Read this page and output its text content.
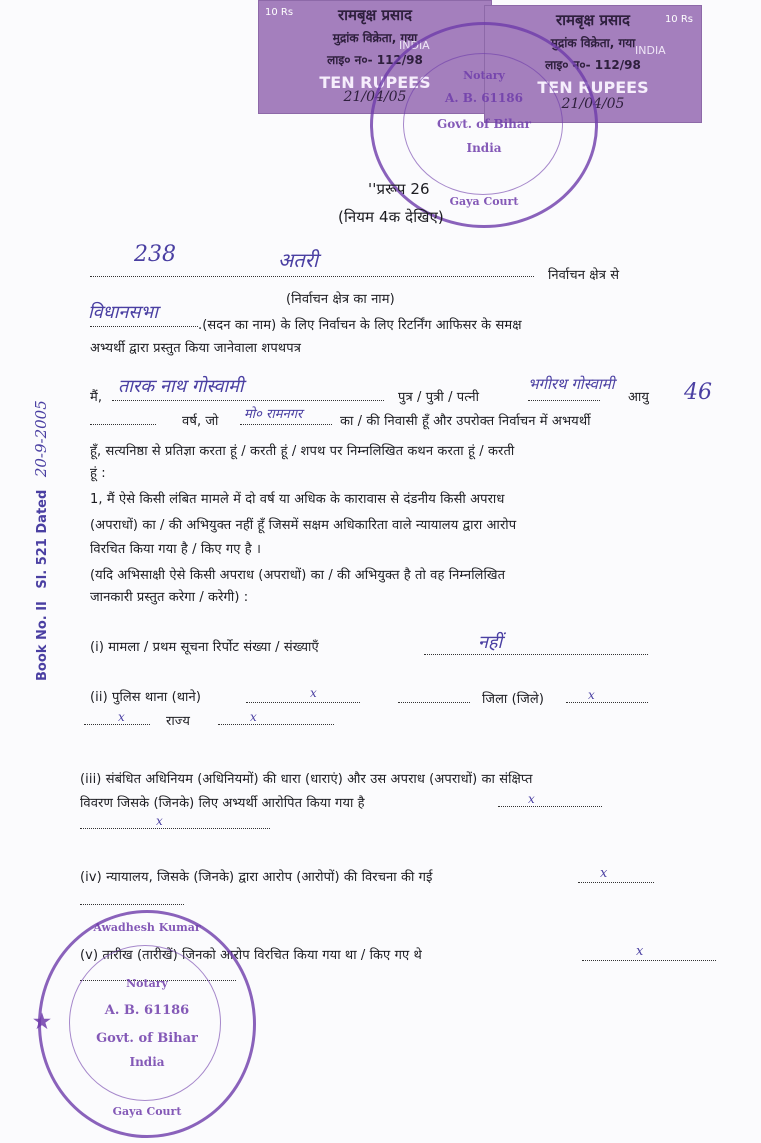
10 Rs	रामबृक्ष प्रसाद
मुद्रांक विक्रेता, गया
INDIA
लाइ० न०- 112/98
TEN RUPEES
21/04/05
10 Rs
रामबृक्ष प्रसाद
मुद्रांक विक्रेता, गया
INDIA
लाइ० न०- 112/98
TEN RUPEES
21/04/05
Notary
A. B. 61186
Govt. of Bihar
India
Gaya Court
Book No. II Sl. 521 Dated 20-9-2005
''प्ररूप 26
(नियम 4क देखिए)
238	अतरी
निर्वाचन क्षेत्र से
(निर्वाचन क्षेत्र का नाम)
विधानसभा
.(सदन का नाम) के लिए निर्वाचन के लिए रिटर्निंग आफिसर के समक्ष
अभ्यर्थी द्वारा प्रस्तुत किया जानेवाला शपथपत्र
मैं,
तारक नाथ गोस्वामी
पुत्र / पुत्री / पत्नी
भगीरथ गोस्वामी
आयु 46
वर्ष, जो मो० रामनगर	का / की निवासी हूँ और उपरोक्त निर्वाचन में अभयर्थी
हूँ, सत्यनिष्ठा से प्रतिज्ञा करता हूं / करती हूं / शपथ पर निम्नलिखित कथन करता हूं / करती
हूं :
1, मैं ऐसे किसी लंबित मामले में दो वर्ष या अधिक के कारावास से दंडनीय किसी अपराध
(अपराधों) का / की अभियुक्त नहीं हूँ जिसमें सक्षम अधिकारिता वाले न्यायालय द्वारा आरोप
विरचित किया गया है / किए गए है ।
(यदि अभिसाक्षी ऐसे किसी अपराध (अपराधों) का / की अभियुक्त है तो वह निम्नलिखित
जानकारी प्रस्तुत करेगा / करेगी) :
(i) मामला / प्रथम सूचना रिर्पोट संख्या / संख्याएँ	नहीं
(ii) पुलिस थाना (थाने)	x	जिला (जिले)	x
x	राज्य	x
(iii) संबंधित अधिनियम (अधिनियमों) की धारा (धाराएं) और उस अपराध (अपराधों) का संक्षिप्त
विवरण जिसके (जिनके) लिए अभ्यर्थी आरोपित किया गया है	x
x
(iv) न्यायालय, जिसके (जिनके) द्वारा आरोप (आरोपों) की विरचना की गई	x
(v) तारीख (तारीखें) जिनको आरोप विरचित किया गया था / किए गए थे	x
Awadhesh Kumar
Notary
A. B. 61186
Govt. of Bihar
India
Gaya Court
★
